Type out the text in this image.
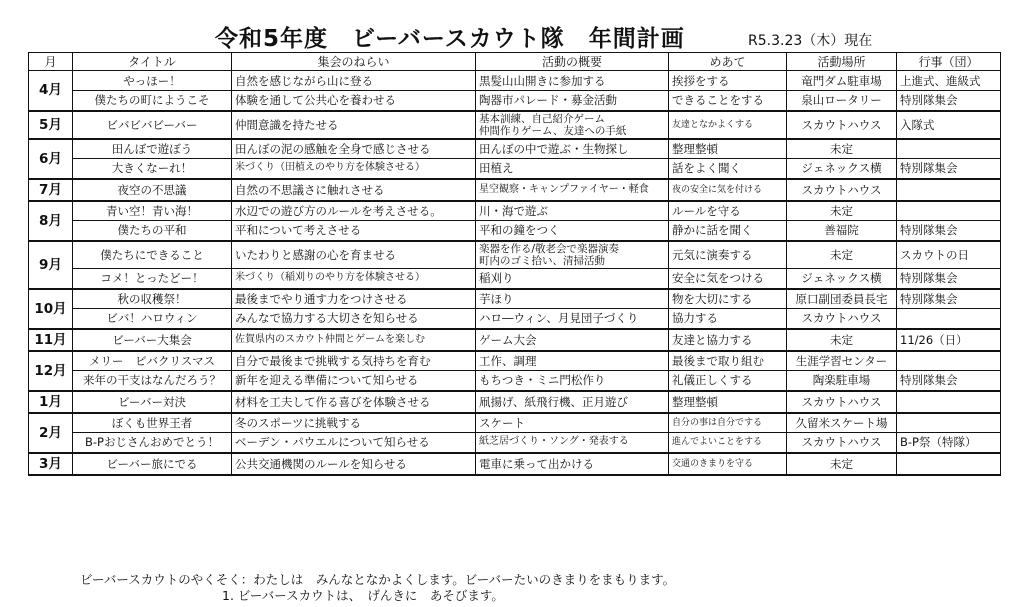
令和5年度　ビーバースカウト隊　年間計画	R5.3.23（木）現在
月	タイトル	集会のねらい	活動の概要	めあて	活動場所	行事（団）
4月	やっほー！	自然を感じながら山に登る	黒髪山山開きに参加する	挨拶をする	竜門ダム駐車場	上進式、進級式
	僕たちの町にようこそ	体験を通して公共心を養わせる	陶器市パレード・募金活動	できることをする	泉山ロータリー	特別隊集会
5月	ビバビバビーバー	仲間意識を持たせる	基本訓練、自己紹介ゲーム
仲間作りゲーム、友達への手紙	友達となかよくする	スカウトハウス	入隊式
6月	田んぼで遊ぼう	田んぼの泥の感触を全身で感じさせる	田んぼの中で遊ぶ・生物探し	整理整頓	未定	
	大きくなーれ！	米づくり（田植えのやり方を体験させる）	田植え	話をよく聞く	ジェネックス横	特別隊集会
7月	夜空の不思議	自然の不思議さに触れさせる	星空観察・キャンプファイヤー・軽食	夜の安全に気を付ける	スカウトハウス	
8月	青い空！青い海！	水辺での遊び方のルールを考えさせる。	川・海で遊ぶ	ルールを守る	未定	
	僕たちの平和	平和について考えさせる	平和の鐘をつく	静かに話を聞く	善福院	特別隊集会
9月	僕たちにできること	いたわりと感謝の心を育ませる	楽器を作る/敬老会で楽器演奏
町内のゴミ拾い、清掃活動	元気に演奏する	未定	スカウトの日
	コメ！とったどー！	米づくり（稲刈りのやり方を体験させる）	稲刈り	安全に気をつける	ジェネックス横	特別隊集会
10月	秋の収穫祭！	最後までやり通す力をつけさせる	芋ほり	物を大切にする	原口副団委員長宅	特別隊集会
	ビバ！ハロウィン	みんなで協力する大切さを知らせる	ハロ―ウィン、月見団子づくり	協力する	スカウトハウス	
11月	ビーバー大集会	佐賀県内のスカウト仲間とゲームを楽しむ	ゲーム大会	友達と協力する	未定	11/26（日）
12月	メリー　ビバクリスマス	自分で最後まで挑戦する気持ちを育む	工作、調理	最後まで取り組む	生涯学習センター	
	来年の干支はなんだろう？	新年を迎える準備について知らせる	もちつき・ミニ門松作り	礼儀正しくする	陶楽駐車場	特別隊集会
1月	ビーバー対決	材料を工夫して作る喜びを体験させる	凧揚げ、紙飛行機、正月遊び	整理整頓	スカウトハウス	
2月	ぼくも世界王者	冬のスポーツに挑戦する	スケート	自分の事は自分でする	久留米スケート場	
	B-Pおじさんおめでとう！	ベーデン・パウエルについて知らせる	紙芝居づくり・ソング・発表する	進んでよいことをする	スカウトハウス	B-P祭（特隊）
3月	ビーバー旅にでる	公共交通機関のルールを知らせる	電車に乗って出かける	交通のきまりを守る	未定	
ビーバースカウトのやくそく：わたしは　みんなとなかよくします。ビーバーたいのきまりをまもります。
1. ビーバースカウトは、　げんきに　あそびます。
